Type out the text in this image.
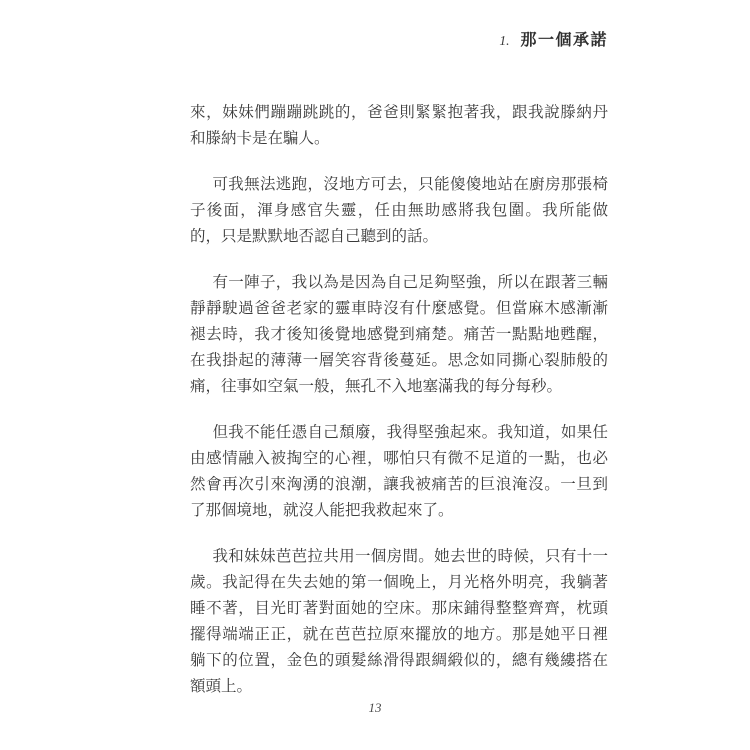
1. 那一個承諾

來，妹妹們蹦蹦跳跳的，爸爸則緊緊抱著我，跟我說滕納丹和滕納卡是在騙人。

可我無法逃跑，沒地方可去，只能傻傻地站在廚房那張椅子後面，渾身感官失靈，任由無助感將我包圍。我所能做的，只是默默地否認自己聽到的話。

有一陣子，我以為是因為自己足夠堅強，所以在跟著三輛靜靜駛過爸爸老家的靈車時沒有什麼感覺。但當麻木感漸漸褪去時，我才後知後覺地感覺到痛楚。痛苦一點點地甦醒，在我掛起的薄薄一層笑容背後蔓延。思念如同撕心裂肺般的痛，往事如空氣一般，無孔不入地塞滿我的每分每秒。

但我不能任憑自己頹廢，我得堅強起來。我知道，如果任由感情融入被掏空的心裡，哪怕只有微不足道的一點，也必然會再次引來洶湧的浪潮，讓我被痛苦的巨浪淹沒。一旦到了那個境地，就沒人能把我救起來了。

我和妹妹芭芭拉共用一個房間。她去世的時候，只有十一歲。我記得在失去她的第一個晚上，月光格外明亮，我躺著睡不著，目光盯著對面她的空床。那床鋪得整整齊齊，枕頭擺得端端正正，就在芭芭拉原來擺放的地方。那是她平日裡躺下的位置，金色的頭髮絲滑得跟綢緞似的，總有幾縷搭在額頭上。

13
